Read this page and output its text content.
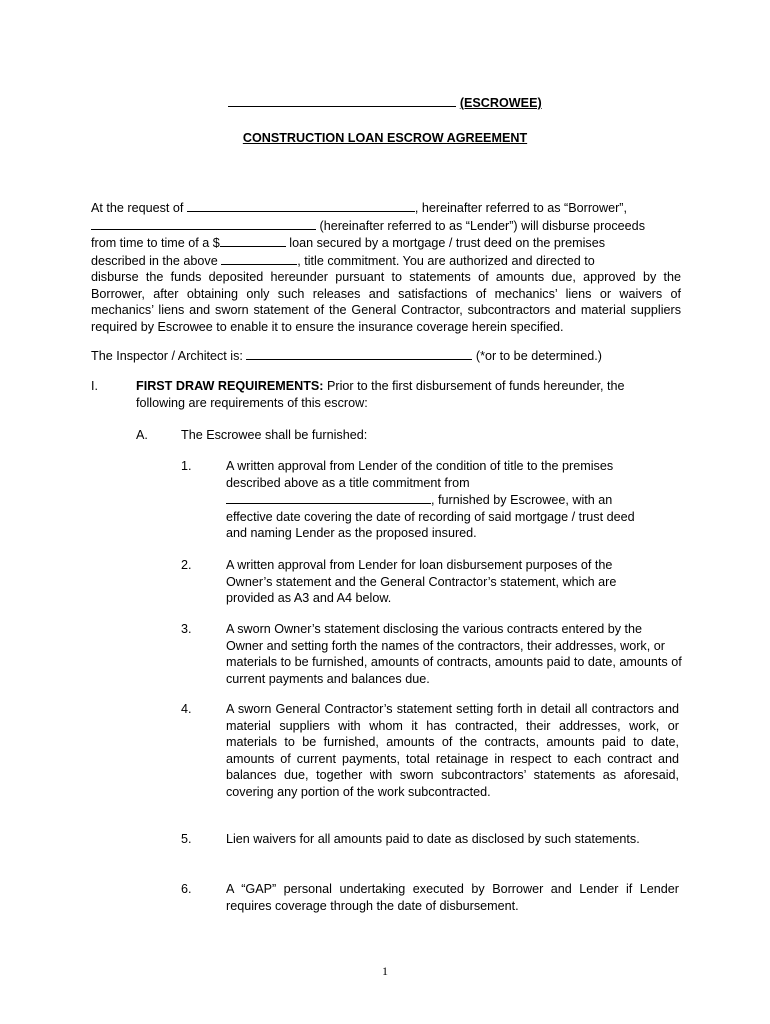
(ESCROWEE)
CONSTRUCTION LOAN ESCROW AGREEMENT
At the request of	, hereinafter referred to as “Borrower”,
(hereinafter referred to as “Lender”) will disburse proceeds
from time to time of a $	loan secured by a mortgage / trust deed on the premises
described in the above	, title commitment. You are authorized and directed to
disburse the funds deposited hereunder pursuant to statements of amounts due, approved by the Borrower, after obtaining only such releases and satisfactions of mechanics’ liens or waivers of mechanics’ liens and sworn statement of the General Contractor, subcontractors and material suppliers required by Escrowee to enable it to ensure the insurance coverage herein specified.
The Inspector / Architect is:	(*or to be determined.)
I.	FIRST DRAW REQUIREMENTS: Prior to the first disbursement of funds hereunder, the
following are requirements of this escrow:
A.	The Escrowee shall be furnished:
1.	A written approval from Lender of the condition of title to the premises
described above as a title commitment from
, furnished by Escrowee, with an
effective date covering the date of recording of said mortgage / trust deed
and naming Lender as the proposed insured.
2.	A written approval from Lender for loan disbursement purposes of the Owner’s statement and the General Contractor’s statement, which are provided as A3 and A4 below.
3.	A sworn Owner’s statement disclosing the various contracts entered by the Owner and setting forth the names of the contractors, their addresses, work, or materials to be furnished, amounts of contracts, amounts paid to date, amounts of current payments and balances due.
4.	A sworn General Contractor’s statement setting forth in detail all contractors and material suppliers with whom it has contracted, their addresses, work, or materials to be furnished, amounts of the contracts, amounts paid to date, amounts of current payments, total retainage in respect to each contract and balances due, together with sworn subcontractors’ statements as aforesaid, covering any portion of the work subcontracted.
5.	Lien waivers for all amounts paid to date as disclosed by such statements.
6.	A “GAP” personal undertaking executed by Borrower and Lender if Lender requires coverage through the date of disbursement.
1
